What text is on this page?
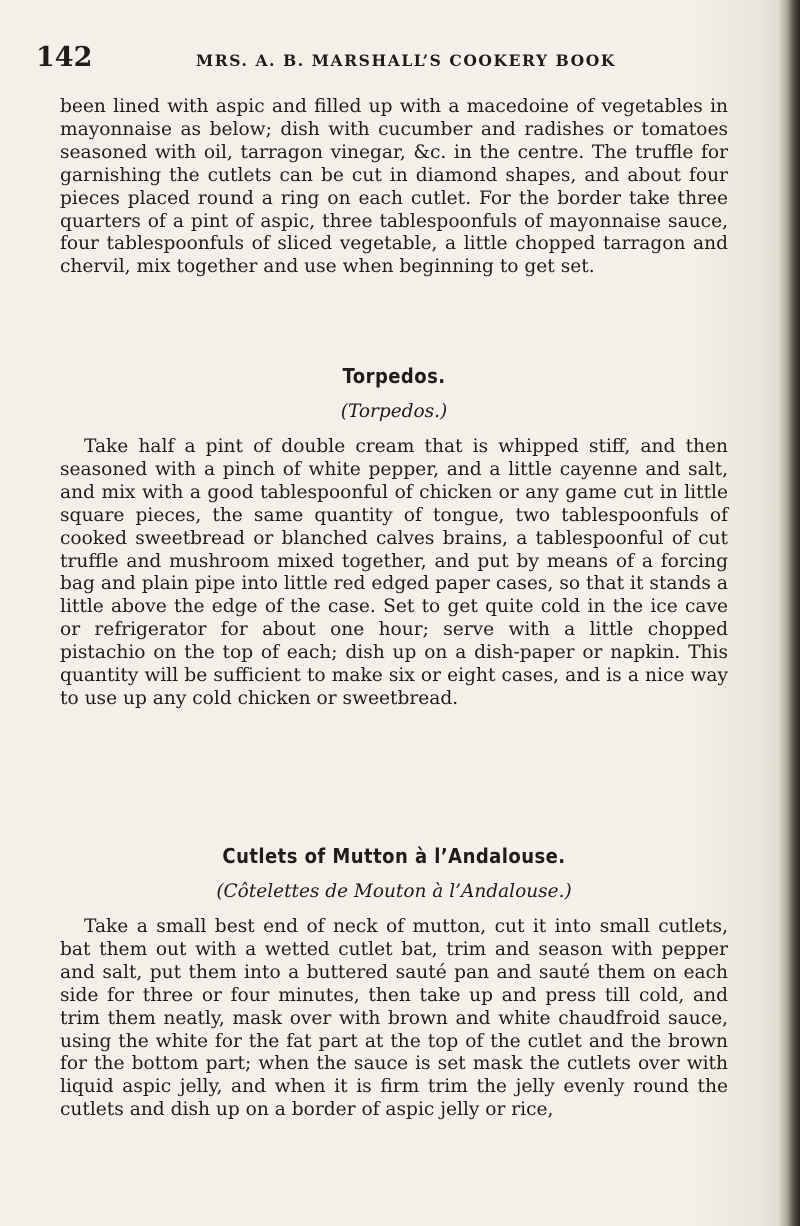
142	MRS. A. B. MARSHALL’S COOKERY BOOK

been lined with aspic and filled up with a macedoine of vegetables in mayonnaise as below; dish with cucumber and radishes or tomatoes seasoned with oil, tarragon vinegar, &c. in the centre. The truffle for garnishing the cutlets can be cut in diamond shapes, and about four pieces placed round a ring on each cutlet. For the border take three quarters of a pint of aspic, three tablespoonfuls of mayonnaise sauce, four tablespoonfuls of sliced vegetable, a little chopped tarragon and chervil, mix together and use when beginning to get set.

Torpedos.
(Torpedos.)

Take half a pint of double cream that is whipped stiff, and then seasoned with a pinch of white pepper, and a little cayenne and salt, and mix with a good tablespoonful of chicken or any game cut in little square pieces, the same quantity of tongue, two tablespoonfuls of cooked sweetbread or blanched calves brains, a tablespoonful of cut truffle and mushroom mixed together, and put by means of a forcing bag and plain pipe into little red edged paper cases, so that it stands a little above the edge of the case. Set to get quite cold in the ice cave or refrigerator for about one hour; serve with a little chopped pistachio on the top of each; dish up on a dish-paper or napkin. This quantity will be sufficient to make six or eight cases, and is a nice way to use up any cold chicken or sweetbread.

Cutlets of Mutton à l’Andalouse.
(Côtelettes de Mouton à l’Andalouse.)

Take a small best end of neck of mutton, cut it into small cutlets, bat them out with a wetted cutlet bat, trim and season with pepper and salt, put them into a buttered sauté pan and sauté them on each side for three or four minutes, then take up and press till cold, and trim them neatly, mask over with brown and white chaudfroid sauce, using the white for the fat part at the top of the cutlet and the brown for the bottom part; when the sauce is set mask the cutlets over with liquid aspic jelly, and when it is firm trim the jelly evenly round the cutlets and dish up on a border of aspic jelly or rice,
